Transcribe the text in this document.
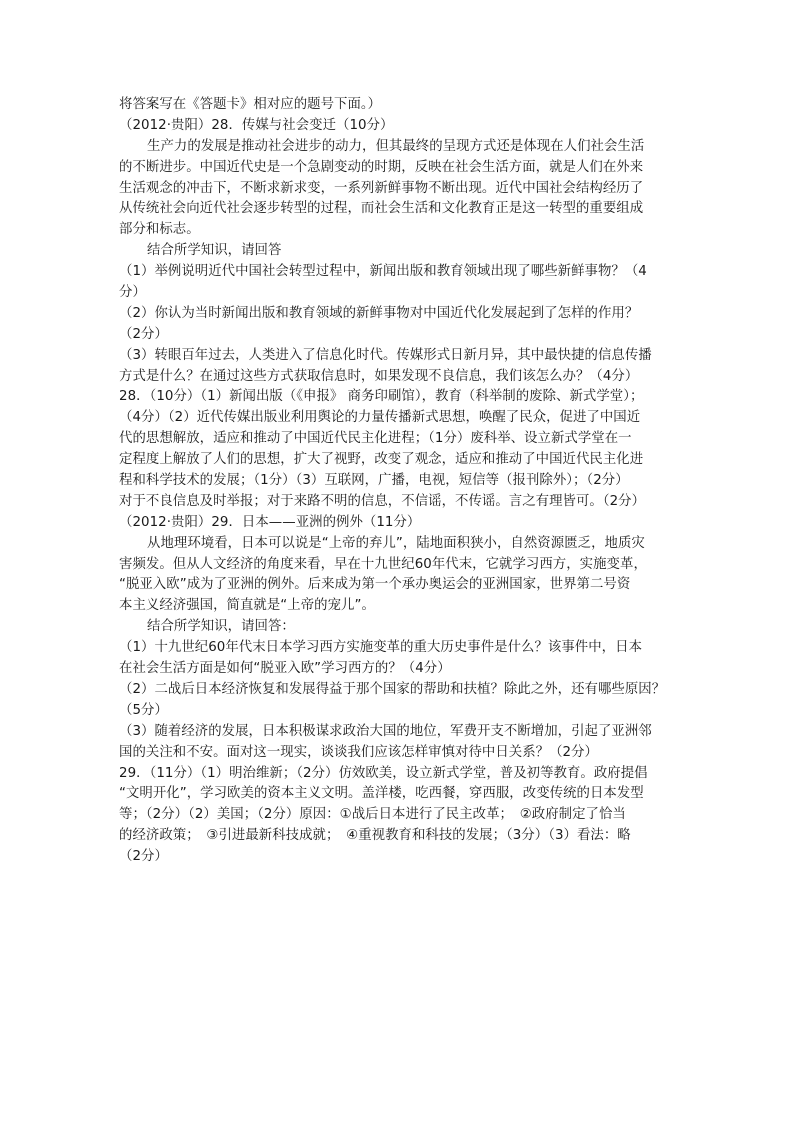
将答案写在《答题卡》相对应的题号下面。）
（2012·贵阳）28．传媒与社会变迁（10分）
生产力的发展是推动社会进步的动力，但其最终的呈现方式还是体现在人们社会生活
的不断进步。中国近代史是一个急剧变动的时期，反映在社会生活方面，就是人们在外来
生活观念的冲击下，不断求新求变，一系列新鲜事物不断出现。近代中国社会结构经历了
从传统社会向近代社会逐步转型的过程，而社会生活和文化教育正是这一转型的重要组成
部分和标志。
结合所学知识，请回答
（1）举例说明近代中国社会转型过程中，新闻出版和教育领域出现了哪些新鲜事物？（4
分）
（2）你认为当时新闻出版和教育领域的新鲜事物对中国近代化发展起到了怎样的作用？
（2分）
（3）转眼百年过去，人类进入了信息化时代。传媒形式日新月异，其中最快捷的信息传播
方式是什么？在通过这些方式获取信息时，如果发现不良信息，我们该怎么办？（4分）
28．（10分）（1）新闻出版（《申报》 商务印刷馆），教育（科举制的废除、新式学堂）；
（4分）（2）近代传媒出版业利用舆论的力量传播新式思想，唤醒了民众，促进了中国近
代的思想解放，适应和推动了中国近代民主化进程；（1分）废科举、设立新式学堂在一
定程度上解放了人们的思想，扩大了视野，改变了观念，适应和推动了中国近代民主化进
程和科学技术的发展；（1分）（3）互联网，广播，电视，短信等（报刊除外）；（2分）
对于不良信息及时举报；对于来路不明的信息，不信谣，不传谣。言之有理皆可。（2分）
（2012·贵阳）29．日本——亚洲的例外（11分）
从地理环境看，日本可以说是“上帝的弃儿”，陆地面积狭小，自然资源匮乏，地质灾
害频发。但从人文经济的角度来看，早在十九世纪60年代末，它就学习西方，实施变革，
“脱亚入欧”成为了亚洲的例外。后来成为第一个承办奥运会的亚洲国家，世界第二号资
本主义经济强国，简直就是“上帝的宠儿”。
结合所学知识，请回答：
（1）十九世纪60年代末日本学习西方实施变革的重大历史事件是什么？该事件中，日本
在社会生活方面是如何“脱亚入欧”学习西方的？（4分）
（2）二战后日本经济恢复和发展得益于那个国家的帮助和扶植？除此之外，还有哪些原因？
（5分）
（3）随着经济的发展，日本积极谋求政治大国的地位，军费开支不断增加，引起了亚洲邻
国的关注和不安。面对这一现实，谈谈我们应该怎样审慎对待中日关系？（2分）
29．（11分）（1）明治维新；（2分）仿效欧美，设立新式学堂，普及初等教育。政府提倡
“文明开化”，学习欧美的资本主义文明。盖洋楼，吃西餐，穿西服，改变传统的日本发型
等；（2分）（2）美国；（2分）原因：①战后日本进行了民主改革；　②政府制定了恰当
的经济政策；　③引进最新科技成就；　④重视教育和科技的发展；（3分）（3）看法：略
（2分）
